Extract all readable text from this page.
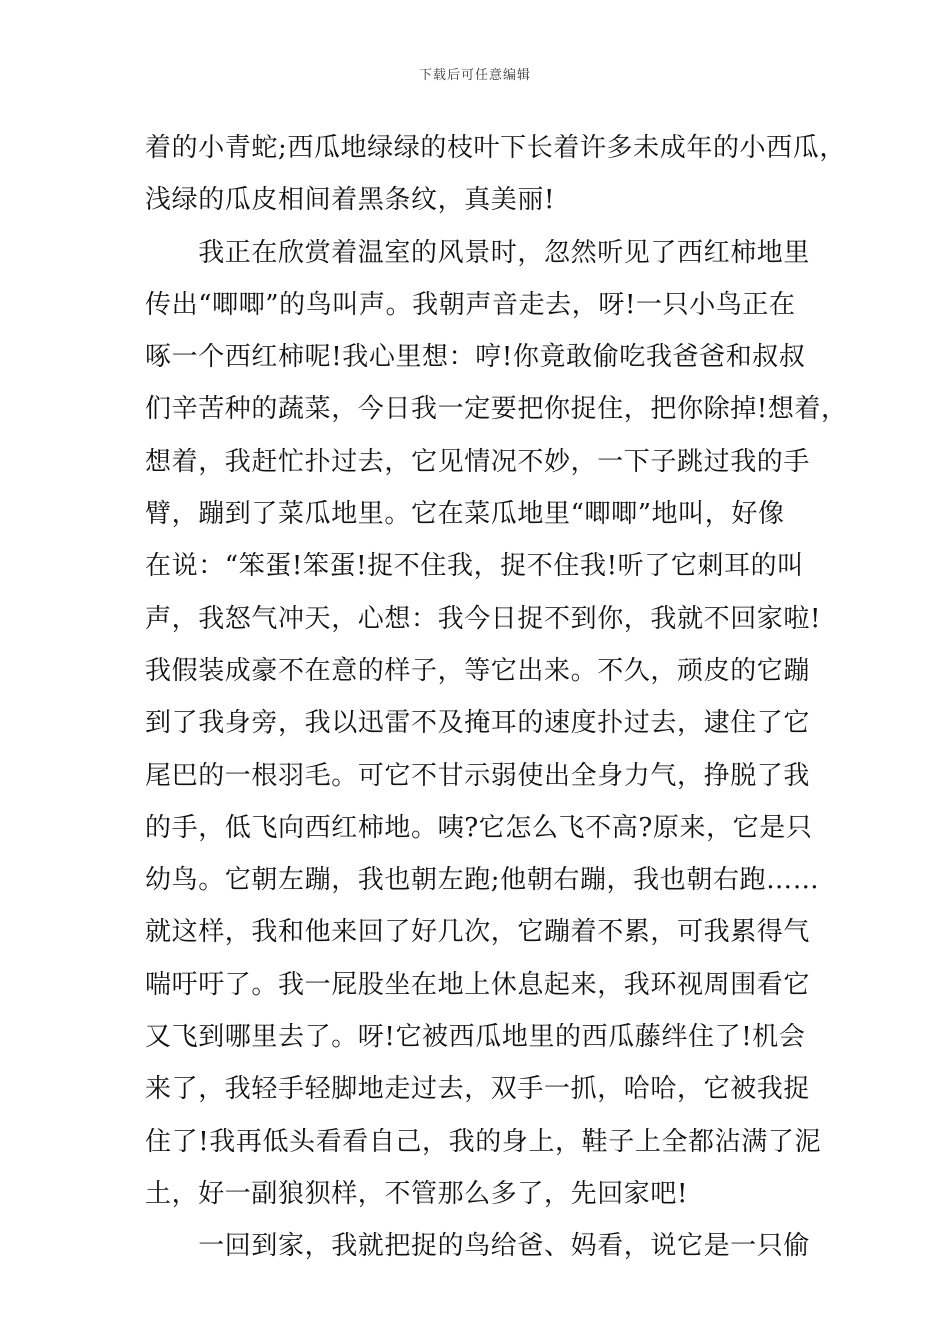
下载后可任意编辑
着的小青蛇;西瓜地绿绿的枝叶下长着许多未成年的小西瓜，
浅绿的瓜皮相间着黑条纹，真美丽!
　　我正在欣赏着温室的风景时，忽然听见了西红柿地里
传出“唧唧”的鸟叫声。我朝声音走去，呀!一只小鸟正在
啄一个西红柿呢!我心里想：哼!你竟敢偷吃我爸爸和叔叔
们辛苦种的蔬菜，今日我一定要把你捉住，把你除掉!想着，
想着，我赶忙扑过去，它见情况不妙，一下子跳过我的手
臂，蹦到了菜瓜地里。它在菜瓜地里“唧唧”地叫，好像
在说：“笨蛋!笨蛋!捉不住我，捉不住我!听了它刺耳的叫
声，我怒气冲天，心想：我今日捉不到你，我就不回家啦!
我假装成豪不在意的样子，等它出来。不久，顽皮的它蹦
到了我身旁，我以迅雷不及掩耳的速度扑过去，逮住了它
尾巴的一根羽毛。可它不甘示弱使出全身力气，挣脱了我
的手，低飞向西红柿地。咦?它怎么飞不高?原来，它是只
幼鸟。它朝左蹦，我也朝左跑;他朝右蹦，我也朝右跑……
就这样，我和他来回了好几次，它蹦着不累，可我累得气
喘吁吁了。我一屁股坐在地上休息起来，我环视周围看它
又飞到哪里去了。呀!它被西瓜地里的西瓜藤绊住了!机会
来了，我轻手轻脚地走过去，双手一抓，哈哈，它被我捉
住了!我再低头看看自己，我的身上，鞋子上全都沾满了泥
土，好一副狼狈样，不管那么多了，先回家吧!
　　一回到家，我就把捉的鸟给爸、妈看，说它是一只偷
